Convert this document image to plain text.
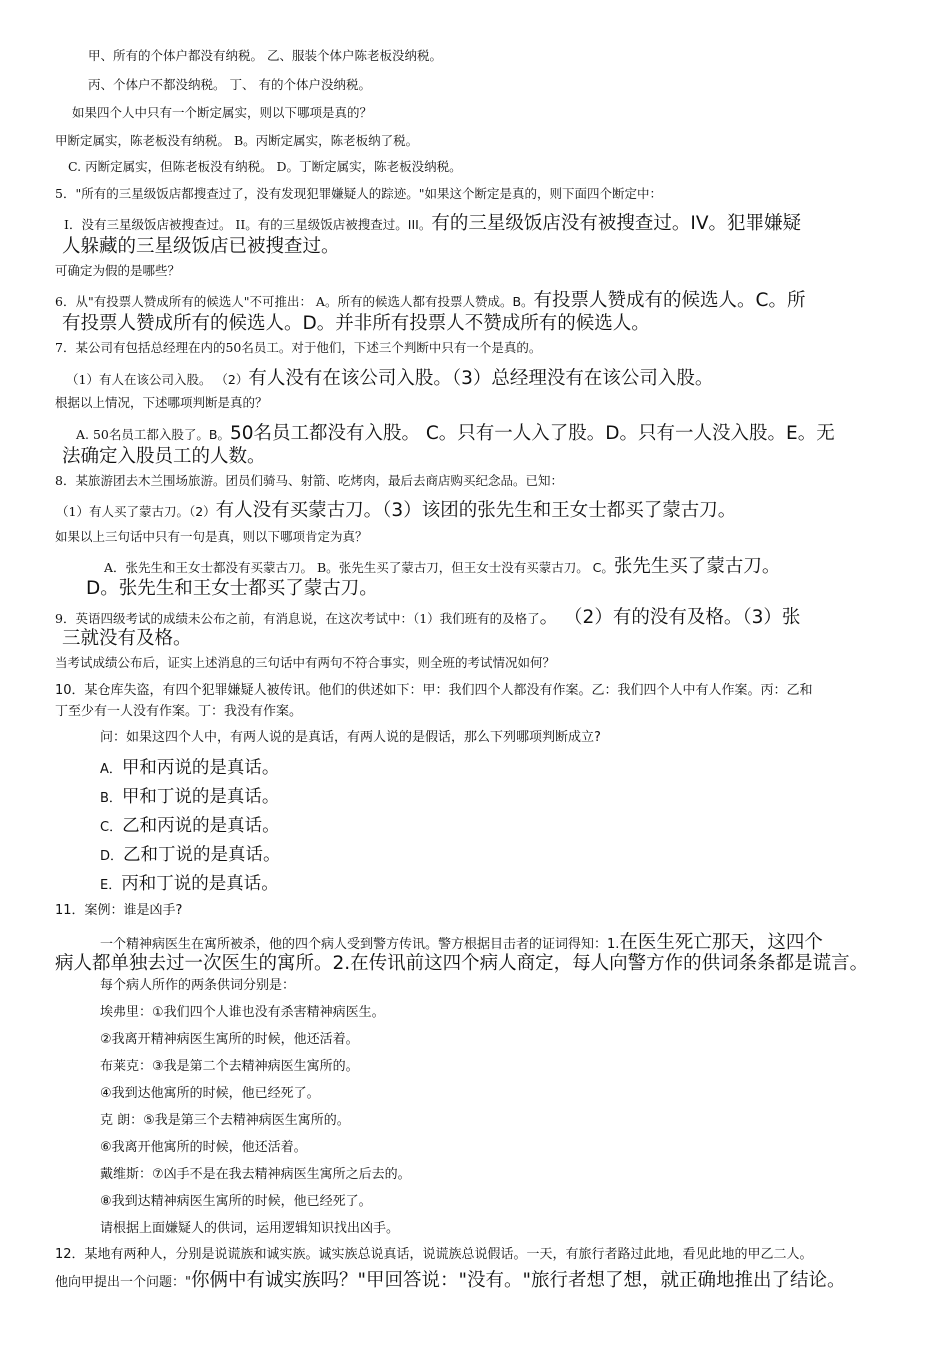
甲、所有的个体户都没有纳税。 乙、服装个体户陈老板没纳税。
丙、个体户不都没纳税。 丁、 有的个体户没纳税。
如果四个人中只有一个断定属实，则以下哪项是真的？
甲断定属实，陈老板没有纳税。 B。丙断定属实，陈老板纳了税。
C. 丙断定属实，但陈老板没有纳税。 D。丁断定属实，陈老板没纳税。
5．"所有的三星级饭店都搜查过了，没有发现犯罪嫌疑人的踪迹。"如果这个断定是真的，则下面四个断定中：
I．没有三星级饭店被搜查过。 II。有的三星级饭店被搜查过。III。有的三星级饭店没有被搜查过。IV。犯罪嫌疑
人躲藏的三星级饭店已被搜查过。
可确定为假的是哪些？
6．从"有投票人赞成所有的候选人"不可推出： A。所有的候选人都有投票人赞成。B。有投票人赞成有的候选人。C。所
有投票人赞成所有的候选人。D。并非所有投票人不赞成所有的候选人。
7．某公司有包括总经理在内的50名员工。对于他们，下述三个判断中只有一个是真的。
（1）有人在该公司入股。 （2）有人没有在该公司入股。（3）总经理没有在该公司入股。
根据以上情况，下述哪项判断是真的？
A. 50名员工都入股了。B。50名员工都没有入股。 C。只有一人入了股。D。只有一人没入股。E。无
法确定入股员工的人数。
8．某旅游团去木兰围场旅游。团员们骑马、射箭、吃烤肉，最后去商店购买纪念品。已知：
（1）有人买了蒙古刀。（2）有人没有买蒙古刀。（3）该团的张先生和王女士都买了蒙古刀。
如果以上三句话中只有一句是真，则以下哪项肯定为真？
A．张先生和王女士都没有买蒙古刀。 B。张先生买了蒙古刀，但王女士没有买蒙古刀。 C。张先生买了蒙古刀。
D。张先生和王女士都买了蒙古刀。
9．英语四级考试的成绩未公布之前，有消息说，在这次考试中：（1）我们班有的及格了。 （2）有的没有及格。（3）张
三就没有及格。
当考试成绩公布后，证实上述消息的三句话中有两句不符合事实，则全班的考试情况如何？
10．某仓库失盗，有四个犯罪嫌疑人被传讯。他们的供述如下：甲：我们四个人都没有作案。乙：我们四个人中有人作案。丙：乙和
丁至少有一人没有作案。丁：我没有作案。
问：如果这四个人中，有两人说的是真话，有两人说的是假话，那么下列哪项判断成立?
A．甲和丙说的是真话。
B．甲和丁说的是真话。
C．乙和丙说的是真话。
D．乙和丁说的是真话。
E．丙和丁说的是真话。
11．案例：谁是凶手?
一个精神病医生在寓所被杀，他的四个病人受到警方传讯。警方根据目击者的证词得知：1.在医生死亡那天，这四个
病人都单独去过一次医生的寓所。2.在传讯前这四个病人商定，每人向警方作的供词条条都是谎言。
每个病人所作的两条供词分别是：
埃弗里：①我们四个人谁也没有杀害精神病医生。
②我离开精神病医生寓所的时候，他还活着。
布莱克：③我是第二个去精神病医生寓所的。
④我到达他寓所的时候，他已经死了。
克 朗：⑤我是第三个去精神病医生寓所的。
⑥我离开他寓所的时候，他还活着。
戴维斯：⑦凶手不是在我去精神病医生寓所之后去的。
⑧我到达精神病医生寓所的时候，他已经死了。
请根据上面嫌疑人的供词，运用逻辑知识找出凶手。
12．某地有两种人，分别是说谎族和诚实族。诚实族总说真话，说谎族总说假话。一天，有旅行者路过此地，看见此地的甲乙二人。
他向甲提出一个问题："你俩中有诚实族吗？"甲回答说："没有。"旅行者想了想，就正确地推出了结论。
